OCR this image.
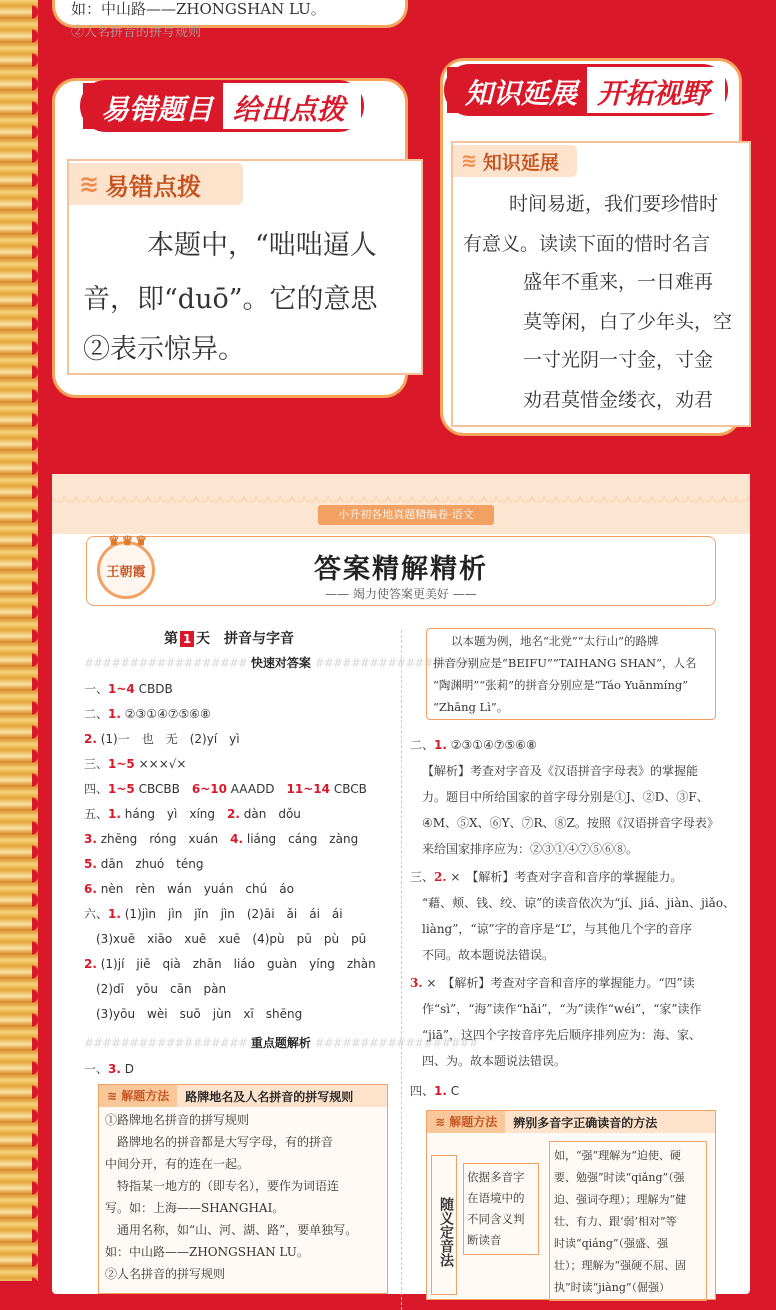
如：中山路——ZHONGSHAN LU。
②人名拼音的拼写规则
≋ 易错点拨
本题中，“咄咄逼人
音，即“duō”。它的意思
②表示惊异。
易错题目 给出点拨
≋ 知识延展
时间易逝，我们要珍惜时
有意义。读读下面的惜时名言
盛年不重来，一日难再
莫等闲，白了少年头，空
一寸光阴一寸金，寸金
劝君莫惜金缕衣，劝君
知识延展 开拓视野
小升初各地真题精编卷·语文
♛♛♛
王朝霞	答案精解精析
—— 竭力使答案更美好 ——
第 1 天　 拼音与字音
################## 快速对答案 ##################
一、1~4 CBDB
二、1. ②③①④⑦⑤⑥⑧
2. (1)一　也　无　(2)yí　yì
三、1~5 ×××√×
四、1~5 CBCBB　6~10 AAADD　11~14 CBCB
五、1. háng　yì　xíng　2. dàn　dǒu
3. zhēng　róng　xuán　4. liáng　cáng　zàng
5. dān　zhuó　téng
6. nèn　rèn　wán　yuán　chú　áo
六、1. (1)jìn　jìn　jǐn　jìn　(2)āi　ǎi　ái　ái
　(3)xuē　xiāo　xuē　xuē　(4)pù　pū　pù　pū
2. (1)jí　jiē　qià　zhān　liáo　guàn　yíng　zhàn
　(2)dī　yōu　cān　pàn
　(3)yōu　wèi　suō　jùn　xī　shēng
################## 重点题解析 ##################
一、3. D
≋ 解题方法	路牌地名及人名拼音的拼写规则
①路牌地名拼音的拼写规则
　路牌地名的拼音都是大写字母，有的拼音
中间分开，有的连在一起。
　特指某一地方的（即专名），要作为词语连
写。如：上海——SHANGHAI。
　通用名称，如“山、河、湖、路”，要单独写。
如：中山路——ZHONGSHAN LU。
②人名拼音的拼写规则
以本题为例，地名“北党”“太行山”的路牌
拼音分别应是“BEIFU”“TAIHANG SHAN”，人名
“陶渊明”“张莉”的拼音分别应是“Táo Yuānmíng”
“Zhāng Lì”。
二、1. ②③①④⑦⑤⑥⑧
【解析】考查对字音及《汉语拼音字母表》的掌握能
力。题目中所给国家的首字母分别是①J、②D、③F、
④M、⑤X、⑥Y、⑦R、⑧Z。按照《汉语拼音字母表》
来给国家排序应为：②③①④⑦⑤⑥⑧。
三、2. ×　【解析】考查对字音和音序的掌握能力。
“藉、颊、钱、绞、谅”的读音依次为“jí、jiá、jiàn、jiǎo、
liàng”，“谅”字的音序是“L”，与其他几个字的音序
不同。故本题说法错误。
3. ×　【解析】考查对字音和音序的掌握能力。“四”读
作“sì”，“海”读作“hǎi”，“为”读作“wéi”，“家”读作
“jiā”，这四个字按音序先后顺序排列应为：海、家、
四、为。故本题说法错误。
四、1. C
≋ 解题方法	辨别多音字正确读音的方法
随义定音法
依据多音字
在语境中的
不同含义判
断读音
如，“强”理解为“迫使、硬
要、勉强”时读“qiǎng”（强
迫、强词夺理）；理解为“健
壮、有力、跟‘弱’相对”等
时读“qiáng”（强盛、强
壮）；理解为“强硬不屈、固
执”时读“jiàng”（倔强）
